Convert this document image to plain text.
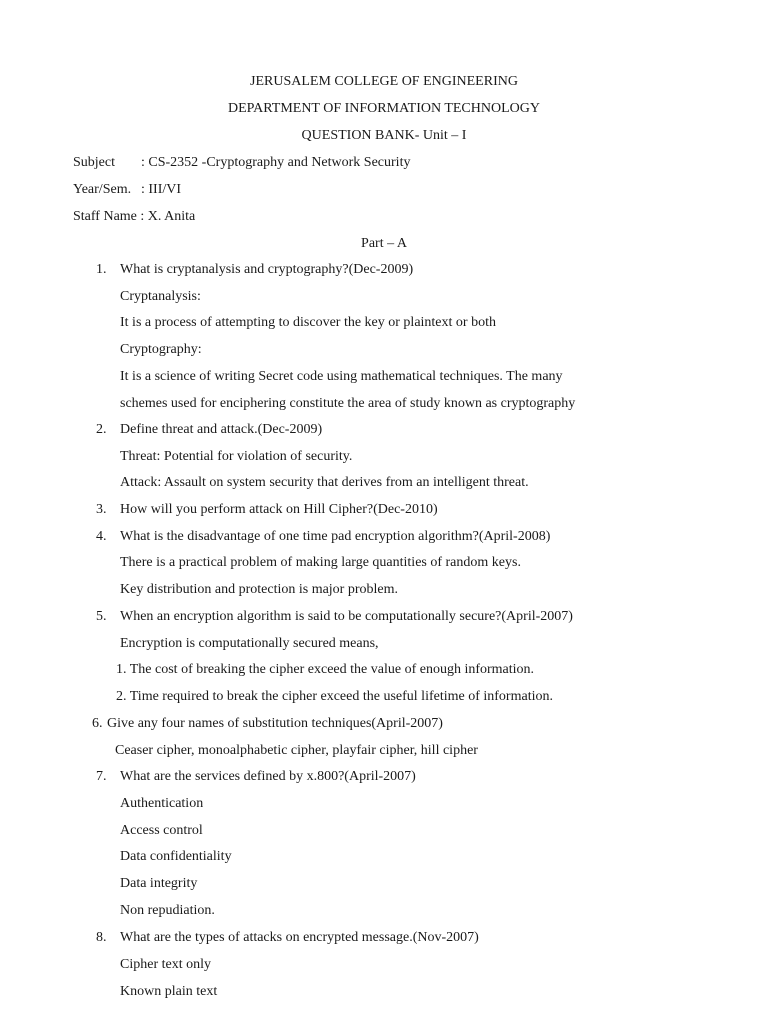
JERUSALEM COLLEGE OF ENGINEERING
DEPARTMENT OF INFORMATION TECHNOLOGY
QUESTION BANK- Unit – I
Subject : CS-2352 -Cryptography and Network Security
Year/Sem. : III/VI
Staff Name : X. Anita
Part – A
1. What is cryptanalysis and cryptography?(Dec-2009)
Cryptanalysis:
It is a process of attempting to discover the key or plaintext or both
Cryptography:
It is a science of writing Secret code using mathematical techniques. The many
schemes used for enciphering constitute the area of study known as cryptography
2. Define threat and attack.(Dec-2009)
Threat: Potential for violation of security.
Attack: Assault on system security that derives from an intelligent threat.
3. How will you perform attack on Hill Cipher?(Dec-2010)
4. What is the disadvantage of one time pad encryption algorithm?(April-2008)
There is a practical problem of making large quantities of random keys.
Key distribution and protection is major problem.
5. When an encryption algorithm is said to be computationally secure?(April-2007)
Encryption is computationally secured means,
1. The cost of breaking the cipher exceed the value of enough information.
2. Time required to break the cipher exceed the useful lifetime of information.
6. Give any four names of substitution techniques(April-2007)
Ceaser cipher, monoalphabetic cipher, playfair cipher, hill cipher
7. What are the services defined by x.800?(April-2007)
Authentication
Access control
Data confidentiality
Data integrity
Non repudiation.
8. What are the types of attacks on encrypted message.(Nov-2007)
Cipher text only
Known plain text
